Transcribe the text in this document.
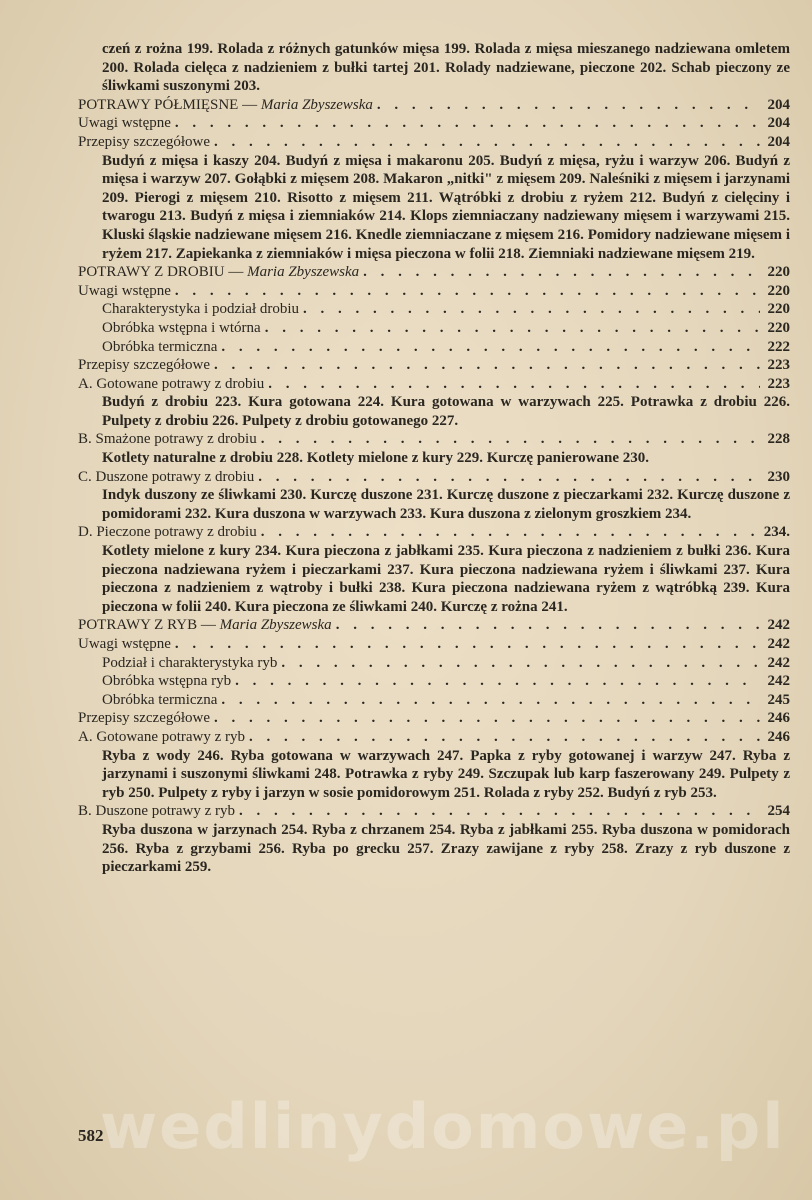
czeń z rożna 199. Rolada z różnych gatunków mięsa 199. Rolada z mięsa mieszanego nadziewana omletem 200. Rolada cielęca z nadzieniem z bułki tartej 201. Rolady nadziewane, pieczone 202. Schab pieczony ze śliwkami suszonymi 203.
POTRAWY PÓŁMIĘSNE — Maria Zbyszewska . . .	204
Uwagi wstępne . . .	204
Przepisy szczegółowe . . .	204
Budyń z mięsa i kaszy 204. Budyń z mięsa i makaronu 205. Budyń z mięsa, ryżu i warzyw 206. Budyń z mięsa i warzyw 207. Gołąbki z mięsem 208. Makaron „nitki" z mięsem 209. Naleśniki z mięsem i jarzynami 209. Pierogi z mięsem 210. Risotto z mięsem 211. Wątróbki z drobiu z ryżem 212. Budyń z cielęciny i twarogu 213. Budyń z mięsa i ziemniaków 214. Klops ziemniaczany nadziewany mięsem i warzywami 215. Kluski śląskie nadziewane mięsem 216. Knedle ziemniaczane z mięsem 216. Pomidory nadziewane mięsem i ryżem 217. Zapiekanka z ziemniaków i mięsa pieczona w folii 218. Ziemniaki nadziewane mięsem 219.
POTRAWY Z DROBIU — Maria Zbyszewska . . .	220
Uwagi wstępne . . .	220
Charakterystyka i podział drobiu . . .	220
Obróbka wstępna i wtórna . . .	220
Obróbka termiczna . . .	222
Przepisy szczegółowe . . .	223
A. Gotowane potrawy z drobiu . . .	223
Budyń z drobiu 223. Kura gotowana 224. Kura gotowana w warzywach 225. Potrawka z drobiu 226. Pulpety z drobiu 226. Pulpety z drobiu gotowanego 227.
B. Smażone potrawy z drobiu . . .	228
Kotlety naturalne z drobiu 228. Kotlety mielone z kury 229. Kurczę panierowane 230.
C. Duszone potrawy z drobiu . . .	230
Indyk duszony ze śliwkami 230. Kurczę duszone 231. Kurczę duszone z pieczarkami 232. Kurczę duszone z pomidorami 232. Kura duszona w warzywach 233. Kura duszona z zielonym groszkiem 234.
D. Pieczone potrawy z drobiu . . .	234.
Kotlety mielone z kury 234. Kura pieczona z jabłkami 235. Kura pieczona z nadzieniem z bułki 236. Kura pieczona nadziewana ryżem i pieczarkami 237. Kura pieczona nadziewana ryżem i śliwkami 237. Kura pieczona z nadzieniem z wątroby i bułki 238. Kura pieczona nadziewana ryżem z wątróbką 239. Kura pieczona w folii 240. Kura pieczona ze śliwkami 240. Kurczę z rożna 241.
POTRAWY Z RYB — Maria Zbyszewska . . .	242
Uwagi wstępne . . .	242
Podział i charakterystyka ryb . . .	242
Obróbka wstępna ryb . . .	242
Obróbka termiczna . . .	245
Przepisy szczegółowe . . .	246
A. Gotowane potrawy z ryb . . .	246
Ryba z wody 246. Ryba gotowana w warzywach 247. Papka z ryby gotowanej i warzyw 247. Ryba z jarzynami i suszonymi śliwkami 248. Potrawka z ryby 249. Szczupak lub karp faszerowany 249. Pulpety z ryb 250. Pulpety z ryby i jarzyn w sosie pomidorowym 251. Rolada z ryby 252. Budyń z ryb 253.
B. Duszone potrawy z ryb . . .	254
Ryba duszona w jarzynach 254. Ryba z chrzanem 254. Ryba z jabłkami 255. Ryba duszona w pomidorach 256. Ryba z grzybami 256. Ryba po grecku 257. Zrazy zawijane z ryby 258. Zrazy z ryb duszone z pieczarkami 259.
wedlinydomowe.pl
582
